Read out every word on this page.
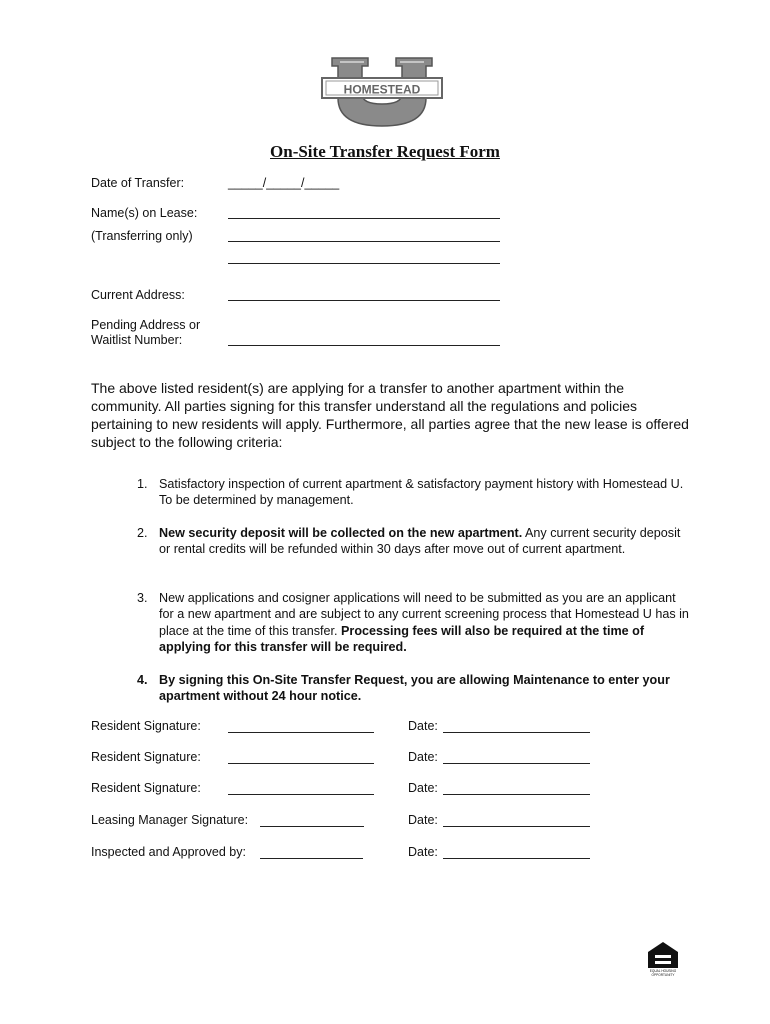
HOMESTEAD
On-Site Transfer Request Form
Date of Transfer:	_____/_____/_____
Name(s) on Lease:
(Transferring only)
Current Address:
Pending Address or
Waitlist Number:
The above listed resident(s) are applying for a transfer to another apartment within the community. All parties signing for this transfer understand all the regulations and policies pertaining to new residents will apply. Furthermore, all parties agree that the new lease is offered subject to the following criteria:
1. Satisfactory inspection of current apartment & satisfactory payment history with Homestead U. To be determined by management.
2. New security deposit will be collected on the new apartment. Any current security deposit or rental credits will be refunded within 30 days after move out of current apartment.
3. New applications and cosigner applications will need to be submitted as you are an applicant for a new apartment and are subject to any current screening process that Homestead U has in place at the time of this transfer. Processing fees will also be required at the time of applying for this transfer will be required.
4. By signing this On-Site Transfer Request, you are allowing Maintenance to enter your apartment without 24 hour notice.
Resident Signature:	Date:
Resident Signature:	Date:
Resident Signature:	Date:
Leasing Manager Signature:	Date:
Inspected and Approved by:	Date:
EQUAL HOUSING
OPPORTUNITY
